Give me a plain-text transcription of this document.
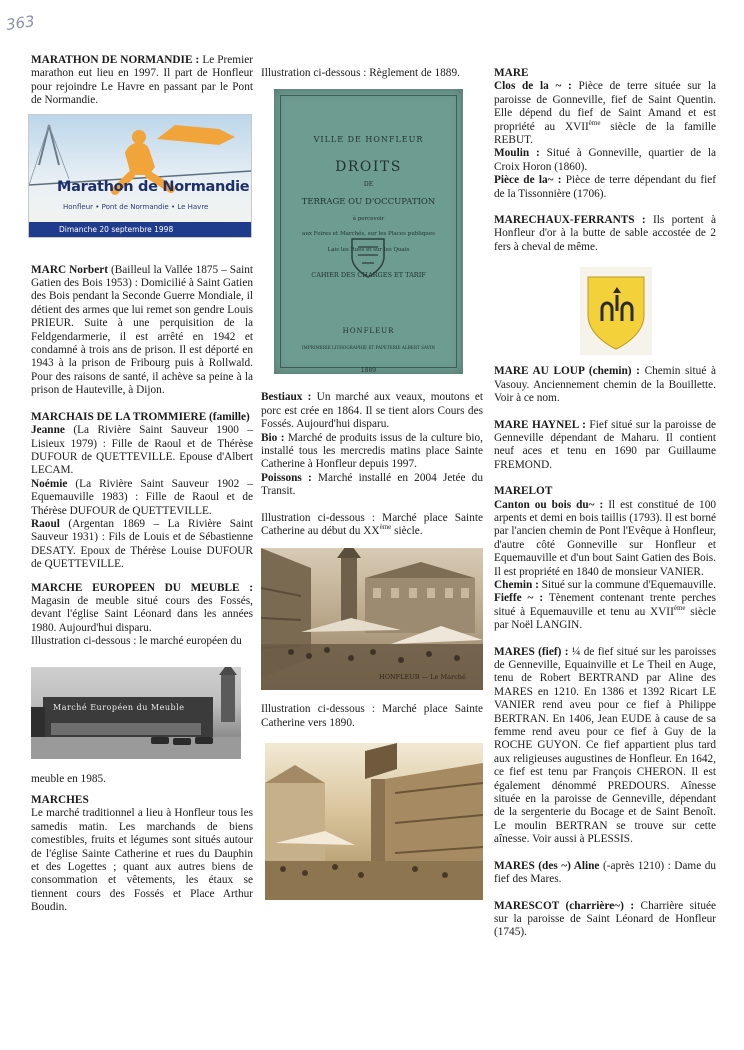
363

MARATHON DE NORMANDIE : Le Premier marathon eut lieu en 1997. Il part de Honfleur pour rejoindre Le Havre en passant par le Pont de Normandie.

Marathon de Normandie
Honfleur • Pont de Normandie • Le Havre
Dimanche 20 septembre 1998

MARC Norbert (Bailleul la Vallée 1875 – Saint Gatien des Bois 1953) : Domicilié à Saint Gatien des Bois pendant la Seconde Guerre Mondiale, il détient des armes que lui remet son gendre Louis PRIEUR. Suite à une perquisition de la Feldgendarmerie, il est arrêté en 1942 et condamné à trois ans de prison. Il est déporté en 1943 à la prison de Fribourg puis à Rollwald. Pour des raisons de santé, il achève sa peine à la prison de Hauteville, à Dijon.

MARCHAIS DE LA TROMMIERE (famille)

Jeanne (La Rivière Saint Sauveur 1900 – Lisieux 1979) : Fille de Raoul et de Thérèse DUFOUR de QUETTEVILLE. Epouse d'Albert LECAM.

Noémie (La Rivière Saint Sauveur 1902 – Equemauville 1983) : Fille de Raoul et de Thérèse DUFOUR de QUETTEVILLE.

Raoul (Argentan 1869 – La Rivière Saint Sauveur 1931) : Fils de Louis et de Sébastienne DESATY. Epoux de Thérèse Louise DUFOUR de QUETTEVILLE.

MARCHE EUROPEEN DU MEUBLE : Magasin de meuble situé cours des Fossés, devant l'église Saint Léonard dans les années 1980. Aujourd'hui disparu.

Illustration ci-dessous : le marché européen du

Marché Européen du Meuble

meuble en 1985.

MARCHES

Le marché traditionnel a lieu à Honfleur tous les samedis matin. Les marchands de biens comestibles, fruits et légumes sont situés autour de l'église Sainte Catherine et rues du Dauphin et des Logettes ; quant aux autres biens de consommation et vêtements, les étaux se tiennent cours des Fossés et Place Arthur Boudin.

Illustration ci-dessous : Règlement de 1889.

VILLE DE HONFLEUR
DROITS
DE
TERRAGE OU D'OCCUPATION
à percevoir
aux Foires et Marchés, sur les Places publiques
Lais les Rues et sur les Quais
CAHIER DES CHARGES ET TARIF
HONFLEUR
IMPRIMERIE LITHOGRAPHIE ET PAPETERIE ALBERT SAVIN
1889

Bestiaux : Un marché aux veaux, moutons et porc est crée en 1864. Il se tient alors Cours des Fossés. Aujourd'hui disparu.

Bio : Marché de produits issus de la culture bio, installé tous les mercredis matins place Sainte Catherine à Honfleur depuis 1997.

Poissons : Marché installé en 2004 Jetée du Transit.

Illustration ci-dessous : Marché place Sainte Catherine au début du XXème siècle.

HONFLEUR — Le Marché

Illustration ci-dessous : Marché place Sainte Catherine vers 1890.

MARE

Clos de la ~ : Pièce de terre située sur la paroisse de Gonneville, fief de Saint Quentin. Elle dépend du fief de Saint Amand et est propriété au XVIIème siècle de la famille REBUT.

Moulin : Situé à Gonneville, quartier de la Croix Horon (1860).

Pièce de la~ : Pièce de terre dépendant du fief de la Tissonnière (1706).

MARECHAUX-FERRANTS : Ils portent à Honfleur d'or à la butte de sable accostée de 2 fers à cheval de même.

MARE AU LOUP (chemin) : Chemin situé à Vasouy. Anciennement chemin de la Bouillette. Voir à ce nom.

MARE HAYNEL : Fief situé sur la paroisse de Genneville dépendant de Maharu. Il contient neuf aces et tenu en 1690 par Guillaume FREMOND.

MARELOT

Canton ou bois du~ : Il est constitué de 100 arpents et demi en bois taillis (1793). Il est borné par l'ancien chemin de Pont l'Evêque à Honfleur, d'autre côté Gonneville sur Honfleur et Equemauville et d'un bout Saint Gatien des Bois. Il est propriété en 1840 de monsieur VANIER.

Chemin : Situé sur la commune d'Equemauville.

Fieffe ~ : Tènement contenant trente perches situé à Equemauville et tenu au XVIIème siècle par Noël LANGIN.

MARES (fief) : ¼ de fief situé sur les paroisses de Genneville, Equainville et Le Theil en Auge, tenu de Robert BERTRAND par Aline des MARES en 1210. En 1386 et 1392 Ricart LE VANIER rend aveu pour ce fief à Philippe BERTRAN. En 1406, Jean EUDE à cause de sa femme rend aveu pour ce fief à Guy de la ROCHE GUYON. Ce fief appartient plus tard aux religieuses augustines de Honfleur. En 1642, ce fief est tenu par François CHERON. Il est également dénommé PREDOURS. Aînesse située en la paroisse de Genneville, dépendant de la sergenterie du Bocage et de Saint Benoît. Le moulin BERTRAN se trouve sur cette aînesse. Voir aussi à PLESSIS.

MARES (des ~) Aline (-après 1210) : Dame du fief des Mares.

MARESCOT (charrière~) : Charrière située sur la paroisse de Saint Léonard de Honfleur (1745).
